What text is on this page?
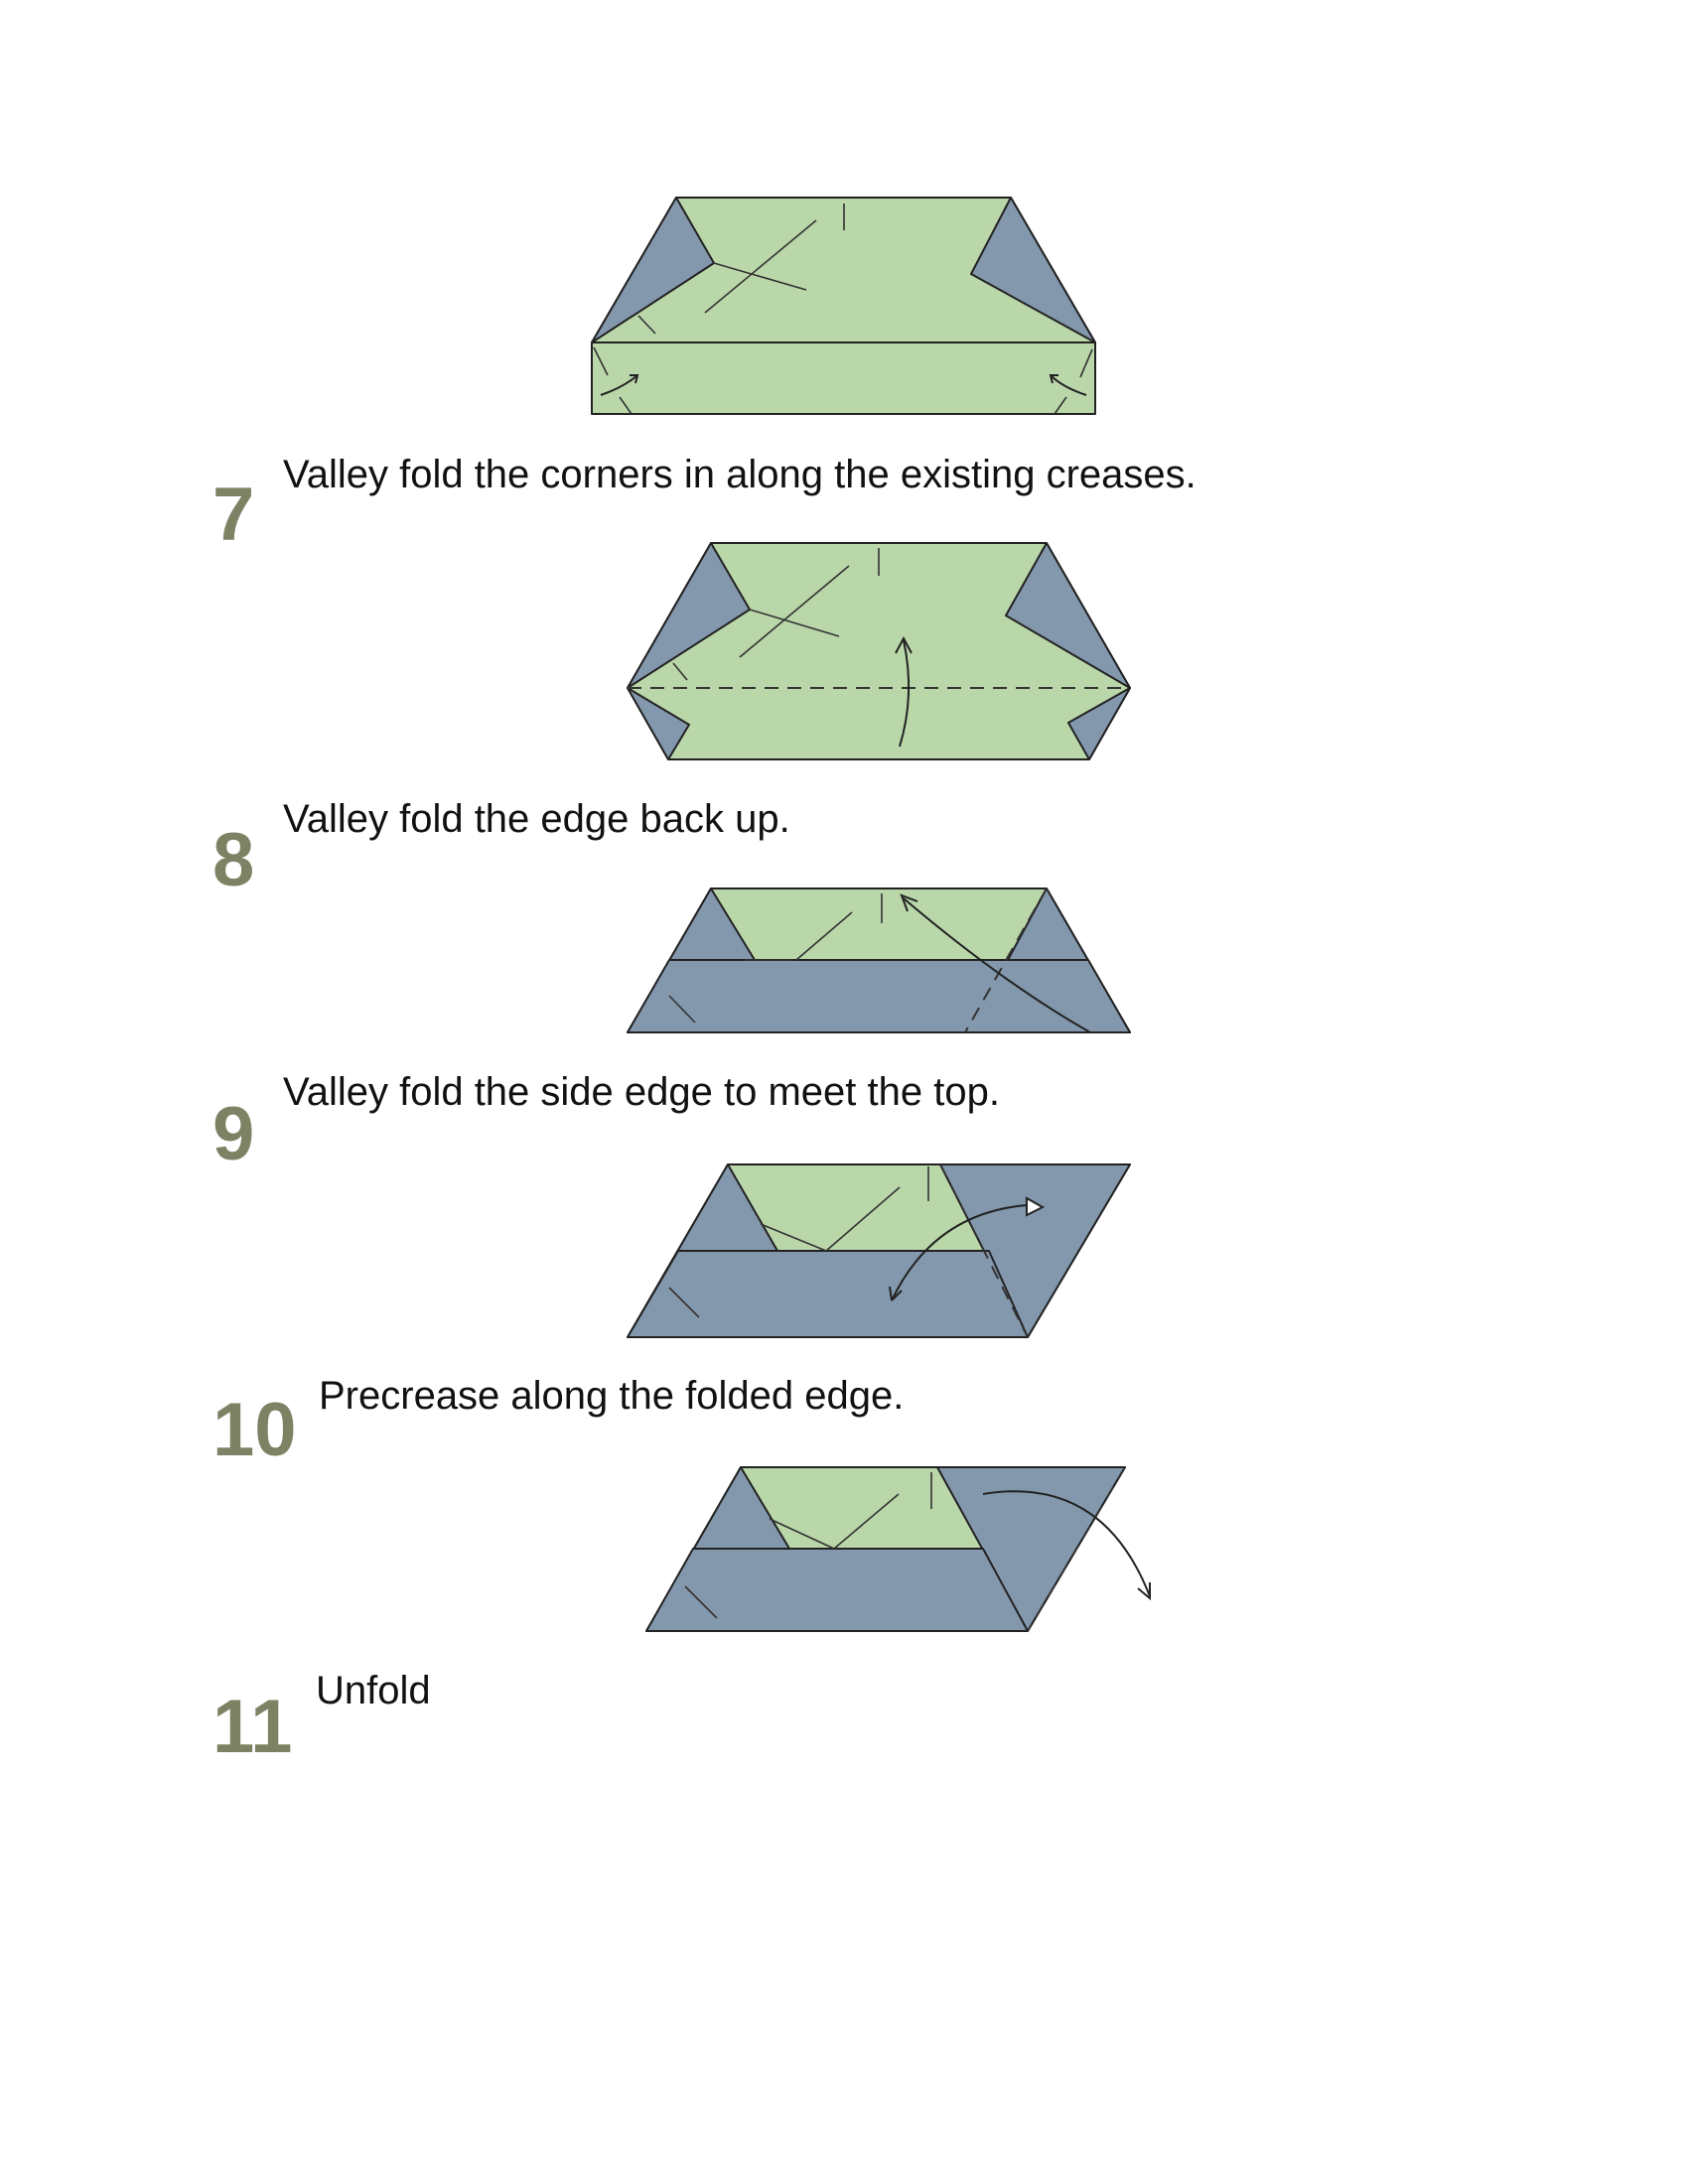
7 Valley fold the corners in along the existing creases.
8 Valley fold the edge back up.
9 Valley fold the side edge to meet the top.
10 Precrease along the folded edge.
11 Unfold
